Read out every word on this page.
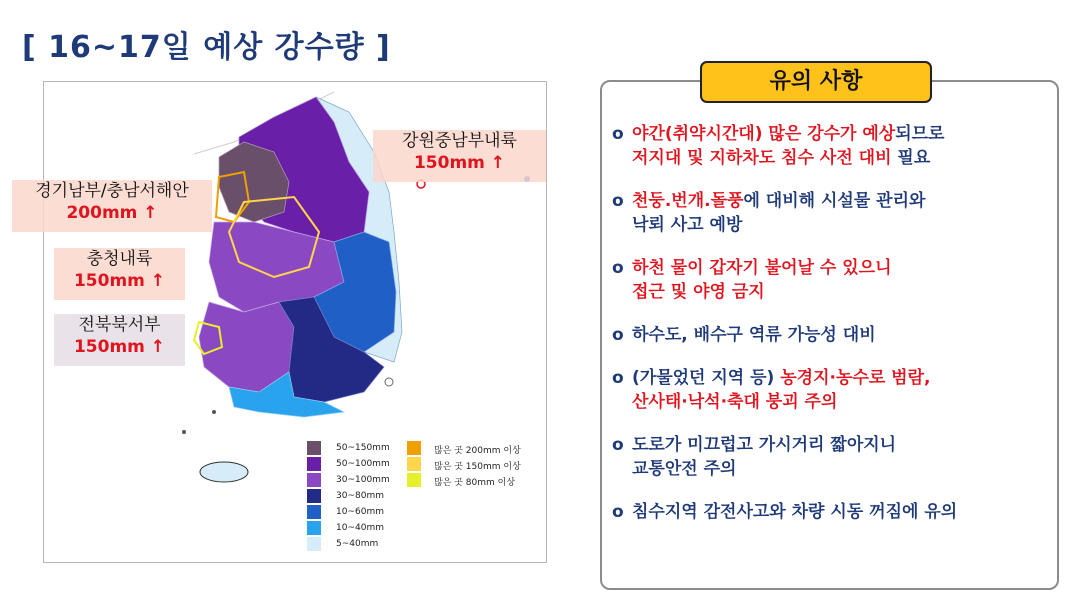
[ 16~17일 예상 강수량 ]
50~150mm
50~100mm
30~100mm
30~80mm
10~60mm
10~40mm
5~40mm
많은 곳 200mm 이상
많은 곳 150mm 이상
많은 곳 80mm 이상
강원중남부내륙
150mm ↑
경기남부/충남서해안
200mm ↑
충청내륙
150mm ↑
전북북서부
150mm ↑
유의 사항
o 야간(취약시간대) 많은 강수가 예상되므로
저지대 및 지하차도 침수 사전 대비 필요
o 천둥.번개.돌풍에 대비해 시설물 관리와
낙뢰 사고 예방
o 하천 물이 갑자기 불어날 수 있으니
접근 및 야영 금지
o 하수도, 배수구 역류 가능성 대비
o (가물었던 지역 등) 농경지·농수로 범람,
산사태·낙석·축대 붕괴 주의
o 도로가 미끄럽고 가시거리 짧아지니
교통안전 주의
o 침수지역 감전사고와 차량 시동 꺼짐에 유의
